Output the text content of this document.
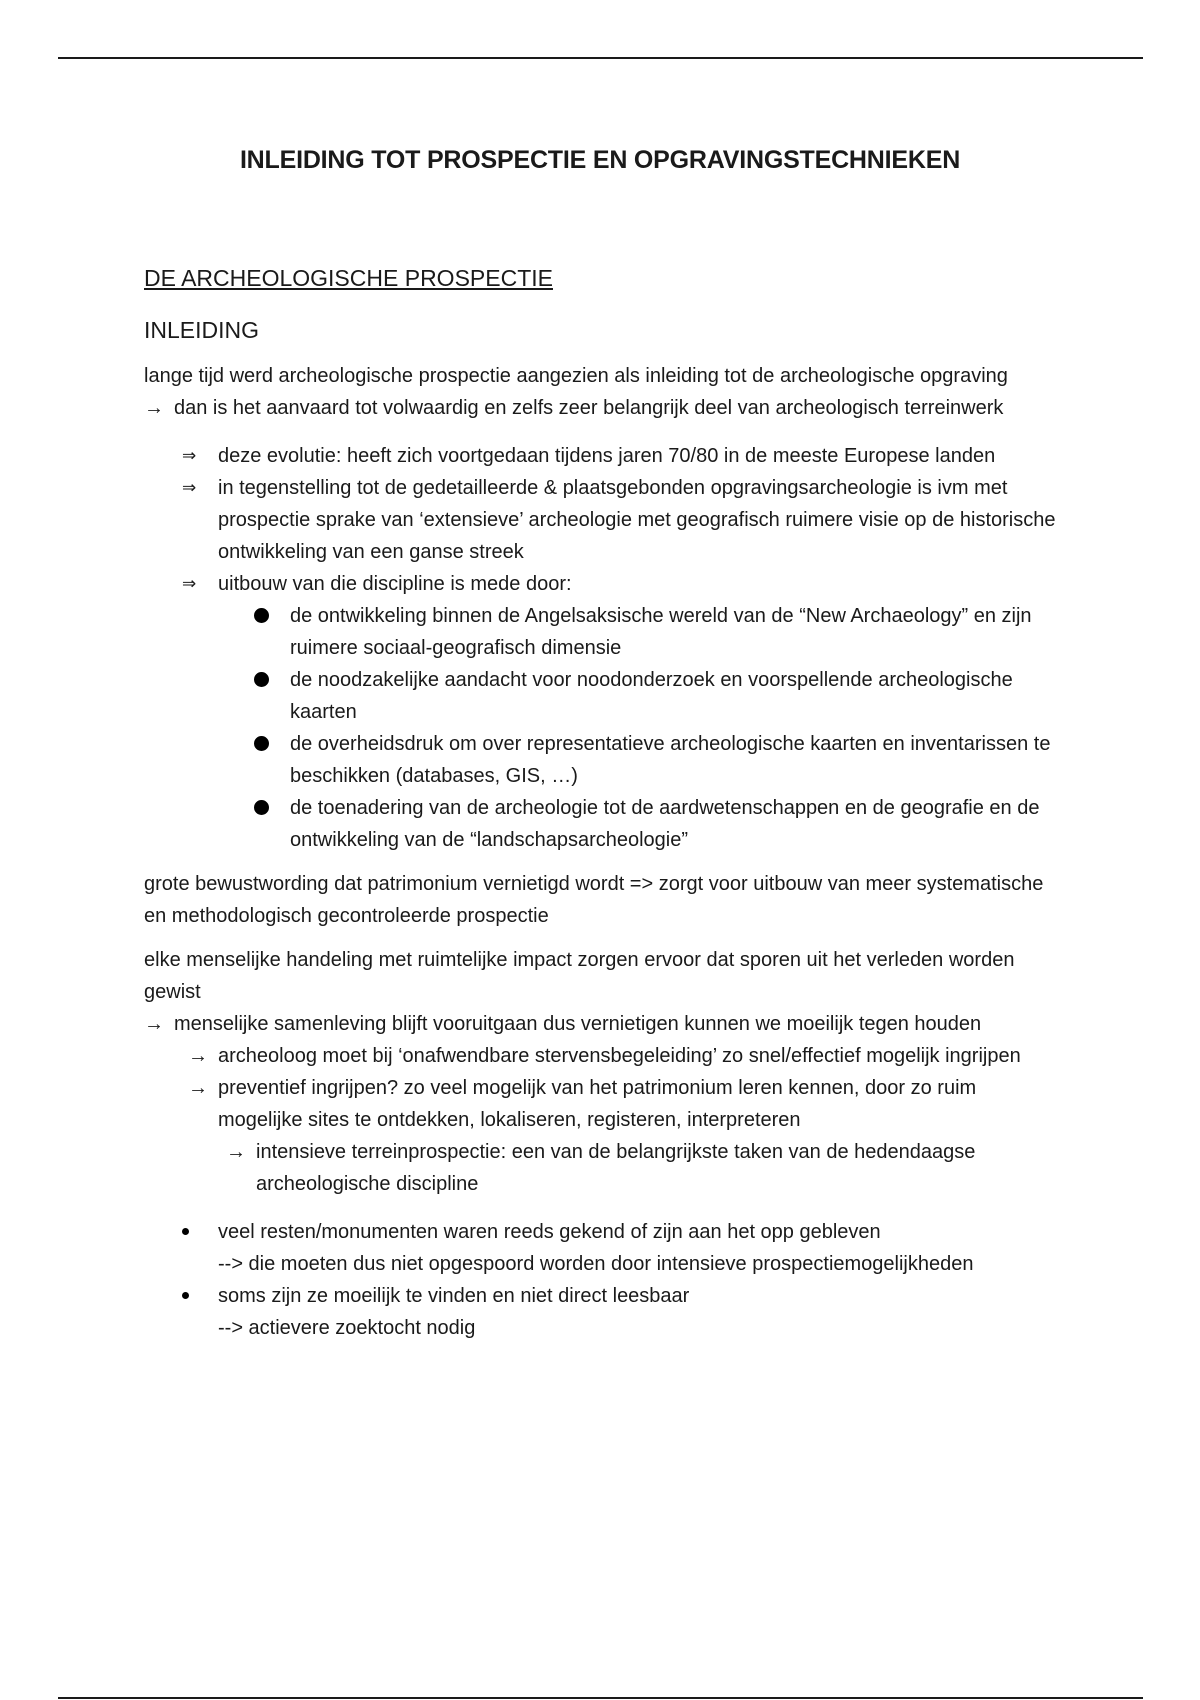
INLEIDING TOT PROSPECTIE EN OPGRAVINGSTECHNIEKEN
DE ARCHEOLOGISCHE PROSPECTIE
INLEIDING

lange tijd werd archeologische prospectie aangezien als inleiding tot de archeologische opgraving

→ dan is het aanvaard tot volwaardig en zelfs zeer belangrijk deel van archeologisch terreinwerk
⇒ deze evolutie: heeft zich voortgedaan tijdens jaren 70/80 in de meeste Europese landen
⇒ in tegenstelling tot de gedetailleerde & plaatsgebonden opgravingsarcheologie is ivm met prospectie sprake van ‘extensieve’ archeologie met geografisch ruimere visie op de historische ontwikkeling van een ganse streek
⇒ uitbouw van die discipline is mede door:
de ontwikkeling binnen de Angelsaksische wereld van de “New Archaeology” en zijn ruimere sociaal-geografisch dimensie
de noodzakelijke aandacht voor noodonderzoek en voorspellende archeologische kaarten
de overheidsdruk om over representatieve archeologische kaarten en inventarissen te beschikken (databases, GIS, …)
de toenadering van de archeologie tot de aardwetenschappen en de geografie en de ontwikkeling van de “landschapsarcheologie”

grote bewustwording dat patrimonium vernietigd wordt => zorgt voor uitbouw van meer systematische en methodologisch gecontroleerde prospectie

elke menselijke handeling met ruimtelijke impact zorgen ervoor dat sporen uit het verleden worden gewist

→ menselijke samenleving blijft vooruitgaan dus vernietigen kunnen we moeilijk tegen houden
→ archeoloog moet bij ‘onafwendbare stervensbegeleiding’ zo snel/effectief mogelijk ingrijpen
→ preventief ingrijpen? zo veel mogelijk van het patrimonium leren kennen, door zo ruim mogelijke sites te ontdekken, lokaliseren, registeren, interpreteren
→ intensieve terreinprospectie: een van de belangrijkste taken van de hedendaagse archeologische discipline
veel resten/monumenten waren reeds gekend of zijn aan het opp gebleven
--> die moeten dus niet opgespoord worden door intensieve prospectiemogelijkheden
soms zijn ze moeilijk te vinden en niet direct leesbaar
--> actievere zoektocht nodig
